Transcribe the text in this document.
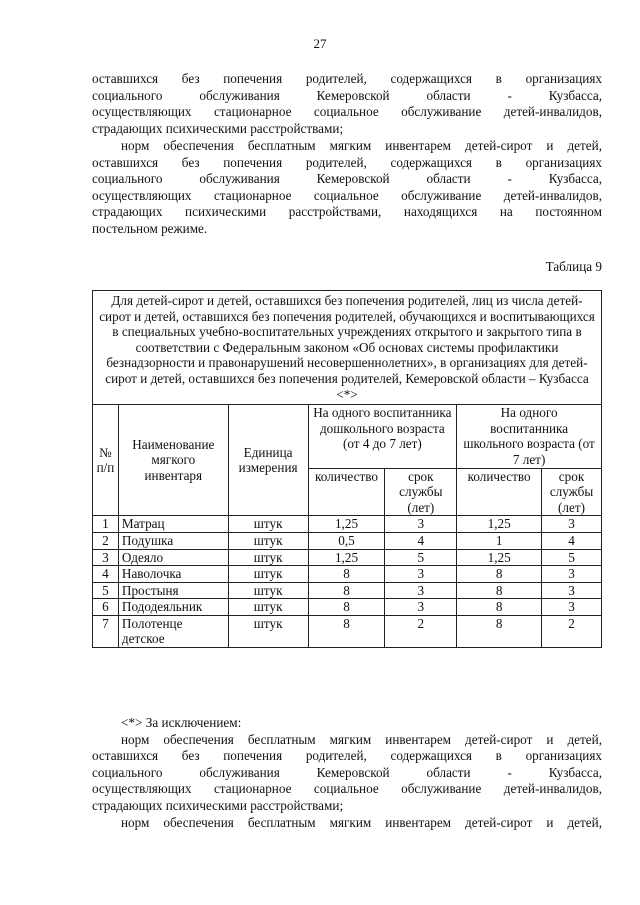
27
оставшихся без попечения родителей, содержащихся в организациях
социального обслуживания Кемеровской области - Кузбасса,
осуществляющих стационарное социальное обслуживание детей-инвалидов,
страдающих психическими расстройствами;
норм обеспечения бесплатным мягким инвентарем детей-сирот и детей,
оставшихся без попечения родителей, содержащихся в организациях
социального обслуживания Кемеровской области - Кузбасса,
осуществляющих стационарное социальное обслуживание детей-инвалидов,
страдающих психическими расстройствами, находящихся на постоянном
постельном режиме.
Таблица 9
Для детей-сирот и детей, оставшихся без попечения родителей, лиц из числа детей-сирот и детей, оставшихся без попечения родителей, обучающихся и воспитывающихся в специальных учебно-воспитательных учреждениях открытого и закрытого типа в соответствии с Федеральным законом «Об основах системы профилактики безнадзорности и правонарушений несовершеннолетних», в организациях для детей-сирот и детей, оставшихся без попечения родителей, Кемеровской области – Кузбасса <*>						
№ п/п	Наименование мягкого инвентаря	Единица измерения	На одного воспитанника дошкольного возраста (от 4 до 7 лет)		На одного воспитанника школьного возраста (от 7 лет)	
			количество	срок службы (лет)	количество	срок службы (лет)
1	Матрац	штук	1,25	3	1,25	3
2	Подушка	штук	0,5	4	1	4
3	Одеяло	штук	1,25	5	1,25	5
4	Наволочка	штук	8	3	8	3
5	Простыня	штук	8	3	8	3
6	Пододеяльник	штук	8	3	8	3
7	Полотенце детское	штук	8	2	8	2
<*> За исключением:
норм обеспечения бесплатным мягким инвентарем детей-сирот и детей,
оставшихся без попечения родителей, содержащихся в организациях
социального обслуживания Кемеровской области - Кузбасса,
осуществляющих стационарное социальное обслуживание детей-инвалидов,
страдающих психическими расстройствами;
норм обеспечения бесплатным мягким инвентарем детей-сирот и детей,
